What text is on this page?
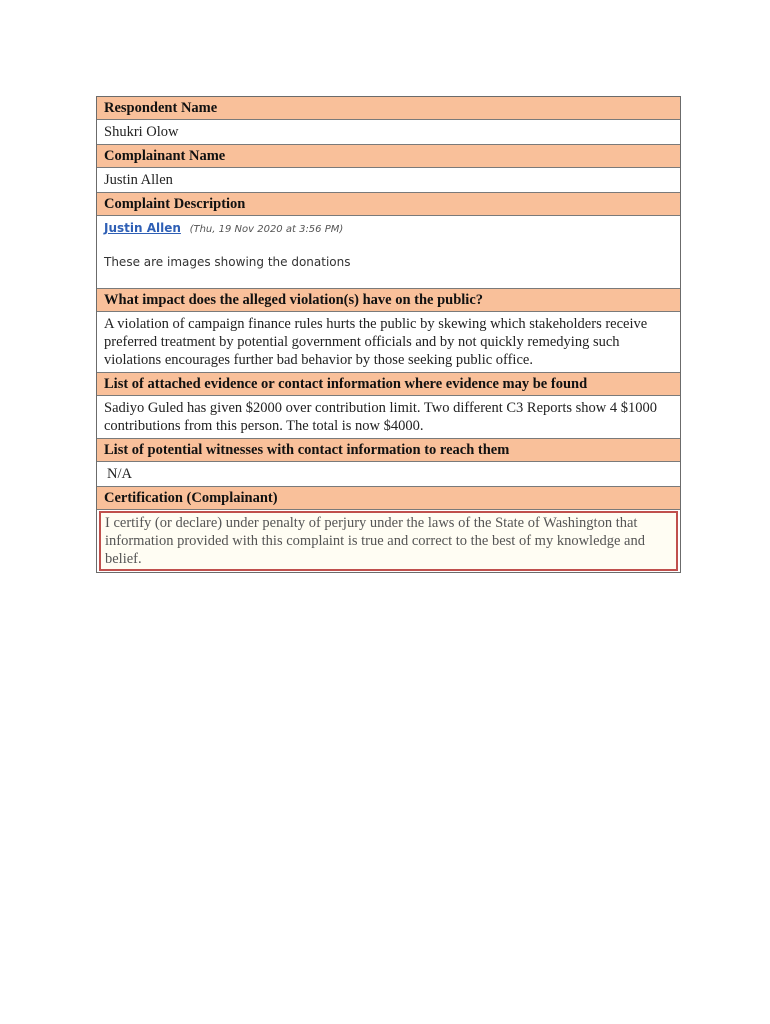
Respondent Name
Shukri Olow
Complainant Name
Justin Allen
Complaint Description
Justin Allen (Thu, 19 Nov 2020 at 3:56 PM)
These are images showing the donations
What impact does the alleged violation(s) have on the public?
A violation of campaign finance rules hurts the public by skewing which stakeholders receive preferred treatment by potential government officials and by not quickly remedying such violations encourages further bad behavior by those seeking public office.
List of attached evidence or contact information where evidence may be found
Sadiyo Guled has given $2000 over contribution limit. Two different C3 Reports show 4 $1000 contributions from this person. The total is now $4000.
List of potential witnesses with contact information to reach them
N/A
Certification (Complainant)
I certify (or declare) under penalty of perjury under the laws of the State of Washington that information provided with this complaint is true and correct to the best of my knowledge and belief.
